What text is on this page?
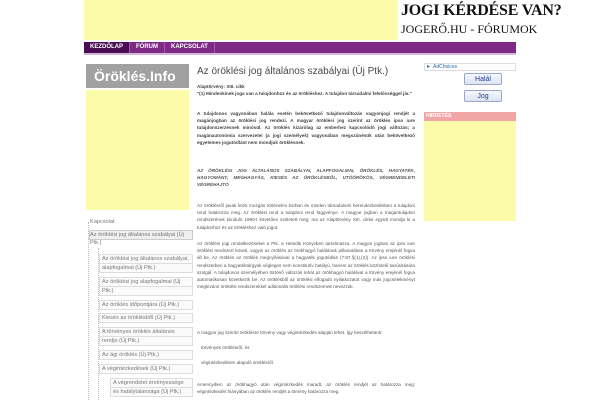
JOGI KÉRDÉSE VAN?
JOGERŐ.HU - FÓRUMOK
KEZDŐLAP	FÓRUM	KAPCSOLAT
Öröklés.Info
Kapcsolat
Az öröklési jog általános szabályai (Új
Ptk.)
Az öröklési jog általános szabályai,
alapfogalmai (Új Ptk.)
Az öröklési jog alapfogalmai (Új
Ptk.)
Az öröklés időpontjára (Új Ptk.)
Kiesés az öröklésből (Új Ptk.)
A törvényes öröklés általános
rendje (Új Ptk.)
Az ági öröklés (Új Ptk.)
A végintézkedések (Új Ptk.)
A végrendelet érvényessége
és hatálytalansága (Új Ptk.)
Az öröklési jog általános szabályai (Új Ptk.)
Alaptörvény: XIII. cikk
"(1) Mindenkinek joga van a tulajdonhoz és az örökléshez. A tulajdon társadalmi felelősséggel jár."
A tulajdonos vagyonában halála esetén bekövetkező tulajdonváltozás vagyonjogi rendjét a magánjogban az öröklési jog rendezi. A magyar öröklési jog szerint az öröklés ipso iure tulajdonszerzésnek minősül. Az öröklés kizárólag az emberhez kapcsolódó jogi változás; a magánautonómia szervezetei (a jogi személyek) vagyonában megszűnésük után bekövetkező egyetemes jogutódlást nem mondjuk öröklésnek.
AZ ÖRÖKLÉSI JOG ÁLTALÁNOS SZABÁLYAI, ALAPFOGALMAI, ÖRÖKLÉS, HAGYATÉK, HAGYOMÁNY, MEGHAGYÁS, KIESÉS AZ ÖRÖKLÉSBŐL, UTÓÖRÖKÖS, VÉGRENDELETI VÉGREHAJTÓ
Az öröklésről javak közti mozgás történelmi korban és minden társadalomi berendezkedésben a tulajdoni rend határozza meg. Az öröklési rend a tulajdoni rend függvénye. A magyar jogban a magántulajdon rendszerének kiinduló 1990-t követően született meg; ma az Alaptörvény XIII. cikke együtt mondja ki a tulajdonhoz és az örökléshez való jogot.
Az öröklési jogi rendelkezéseket a Ptk. a Hetedik Könyvben tartalmazza. A magyar jogban az ipso iure öröklési rendszert követi, vagyis az öröklés az örökhagyó halálának pillanatában a törvény erejénél fogva áll be. Az öröklés az öröklés megnyílásával a hagyaték jogutódlás (7:87.§(1),(2)). Az ipso iure öröklési rendszerben a hagyatéktárgyak végleges nem konstitutív hatályú, hanem az öröklés közhitelű tanúsítására szolgál. A tulajdonos személyében történő változás tehát az örökhagyó halálával a törvény erejénél fogva automatikusan következik be. Az öröklésből az öröklési elfogadó nyilatkozatot vagy más jogcselekményt megkívánó öröklési rendszerekkel aditionális öröklési rendszernek nevezzük.
A magyar jog szerint öröklésre törvény vagy végintézkedés alapján lehet. Így beszélhetünk:
törvényes öröklésről, és
végintézkedésen alapuló öröklésről.
Amennyiben az örökhagyó után végintézkedés maradt, az öröklés rendjét az határozza meg; végintézkedés hiányában az öröklés rendjét a törvény határozza meg.
▸ AdChoices
Halál
Jog
HIRDETÉS
